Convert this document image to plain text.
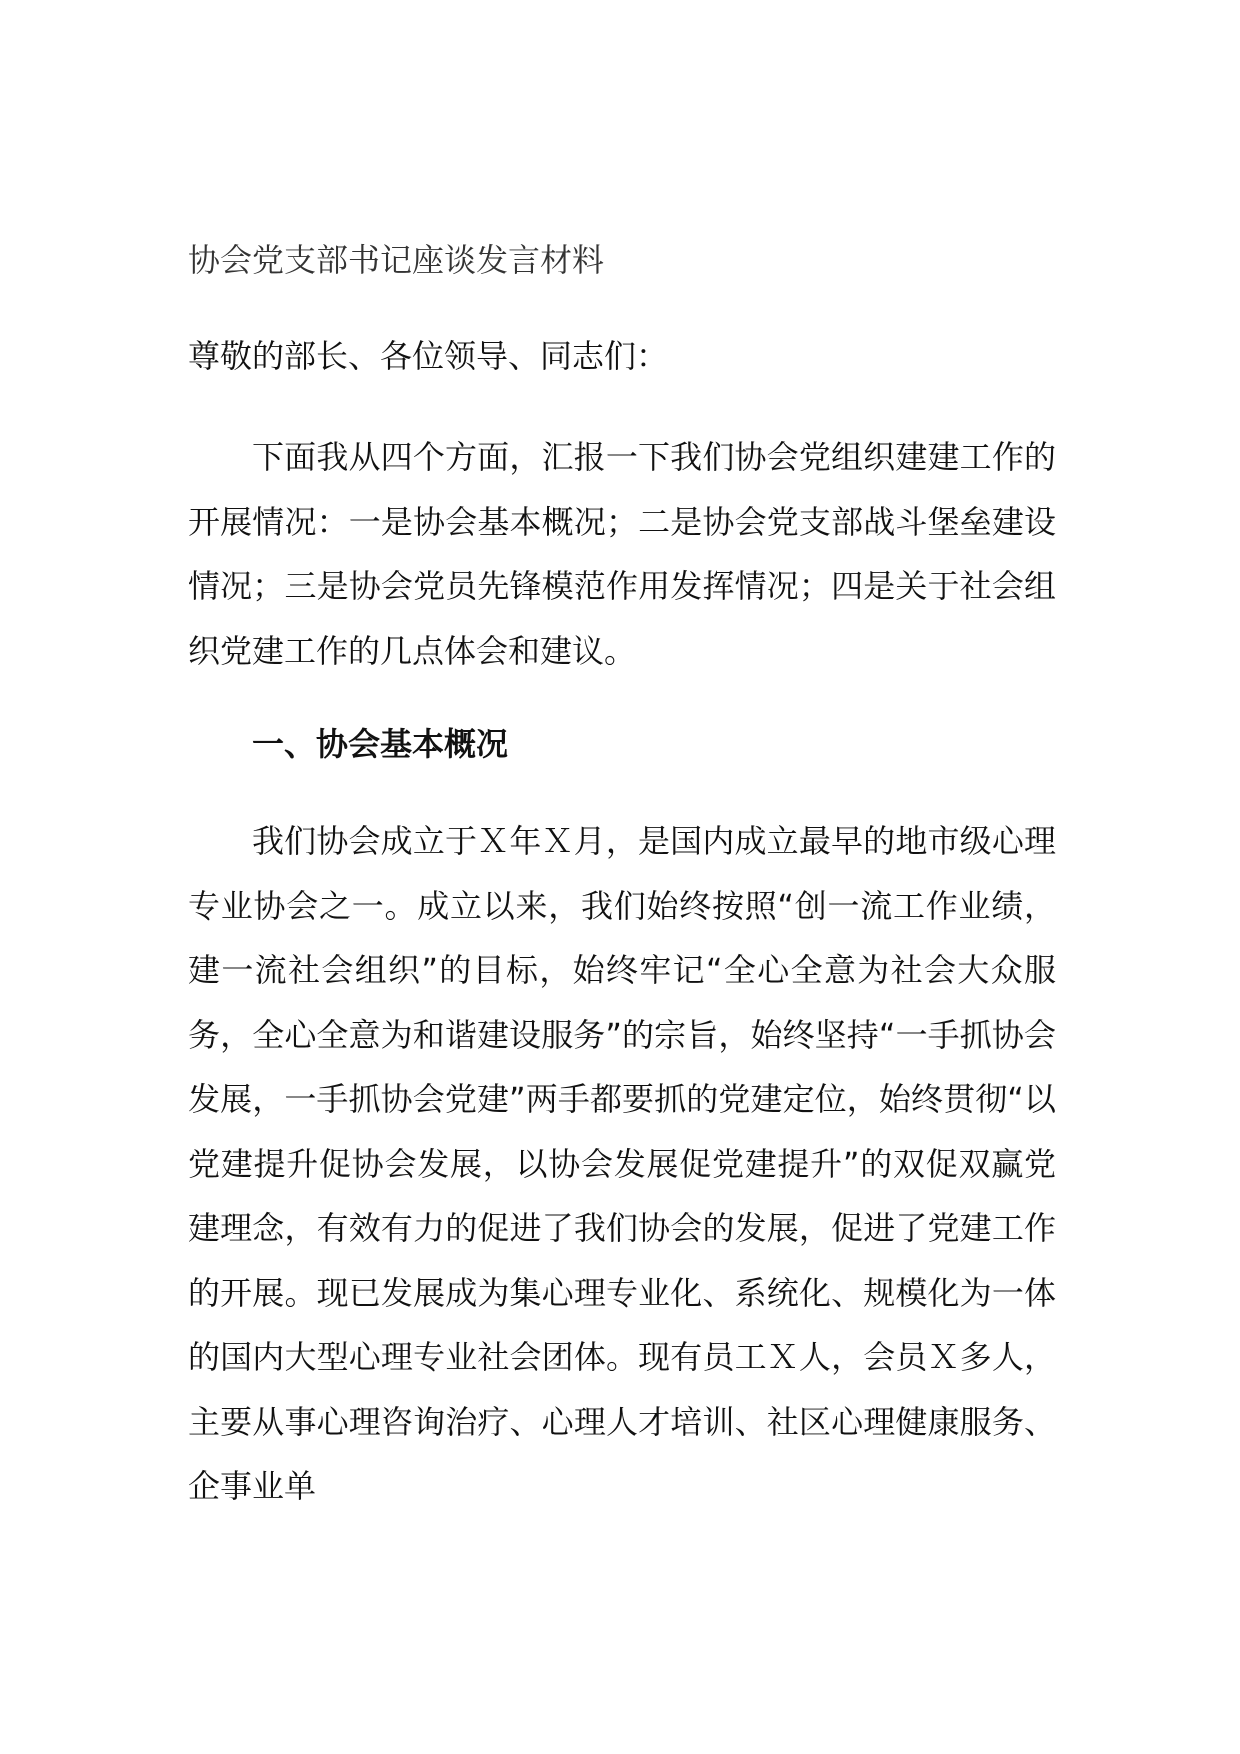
协会党支部书记座谈发言材料
尊敬的部长、各位领导、同志们：

下面我从四个方面，汇报一下我们协会党组织建建工作的开展情况：一是协会基本概况；二是协会党支部战斗堡垒建设情况；三是协会党员先锋模范作用发挥情况；四是关于社会组织党建工作的几点体会和建议。

一、协会基本概况

我们协会成立于Ｘ年Ｘ月，是国内成立最早的地市级心理专业协会之一。成立以来，我们始终按照“创一流工作业绩，建一流社会组织”的目标，始终牢记“全心全意为社会大众服务，全心全意为和谐建设服务”的宗旨，始终坚持“一手抓协会发展，一手抓协会党建”两手都要抓的党建定位，始终贯彻“以党建提升促协会发展，以协会发展促党建提升”的双促双赢党建理念，有效有力的促进了我们协会的发展，促进了党建工作的开展。现已发展成为集心理专业化、系统化、规模化为一体的国内大型心理专业社会团体。现有员工Ｘ人，会员Ｘ多人，主要从事心理咨询治疗、心理人才培训、社区心理健康服务、企事业单
